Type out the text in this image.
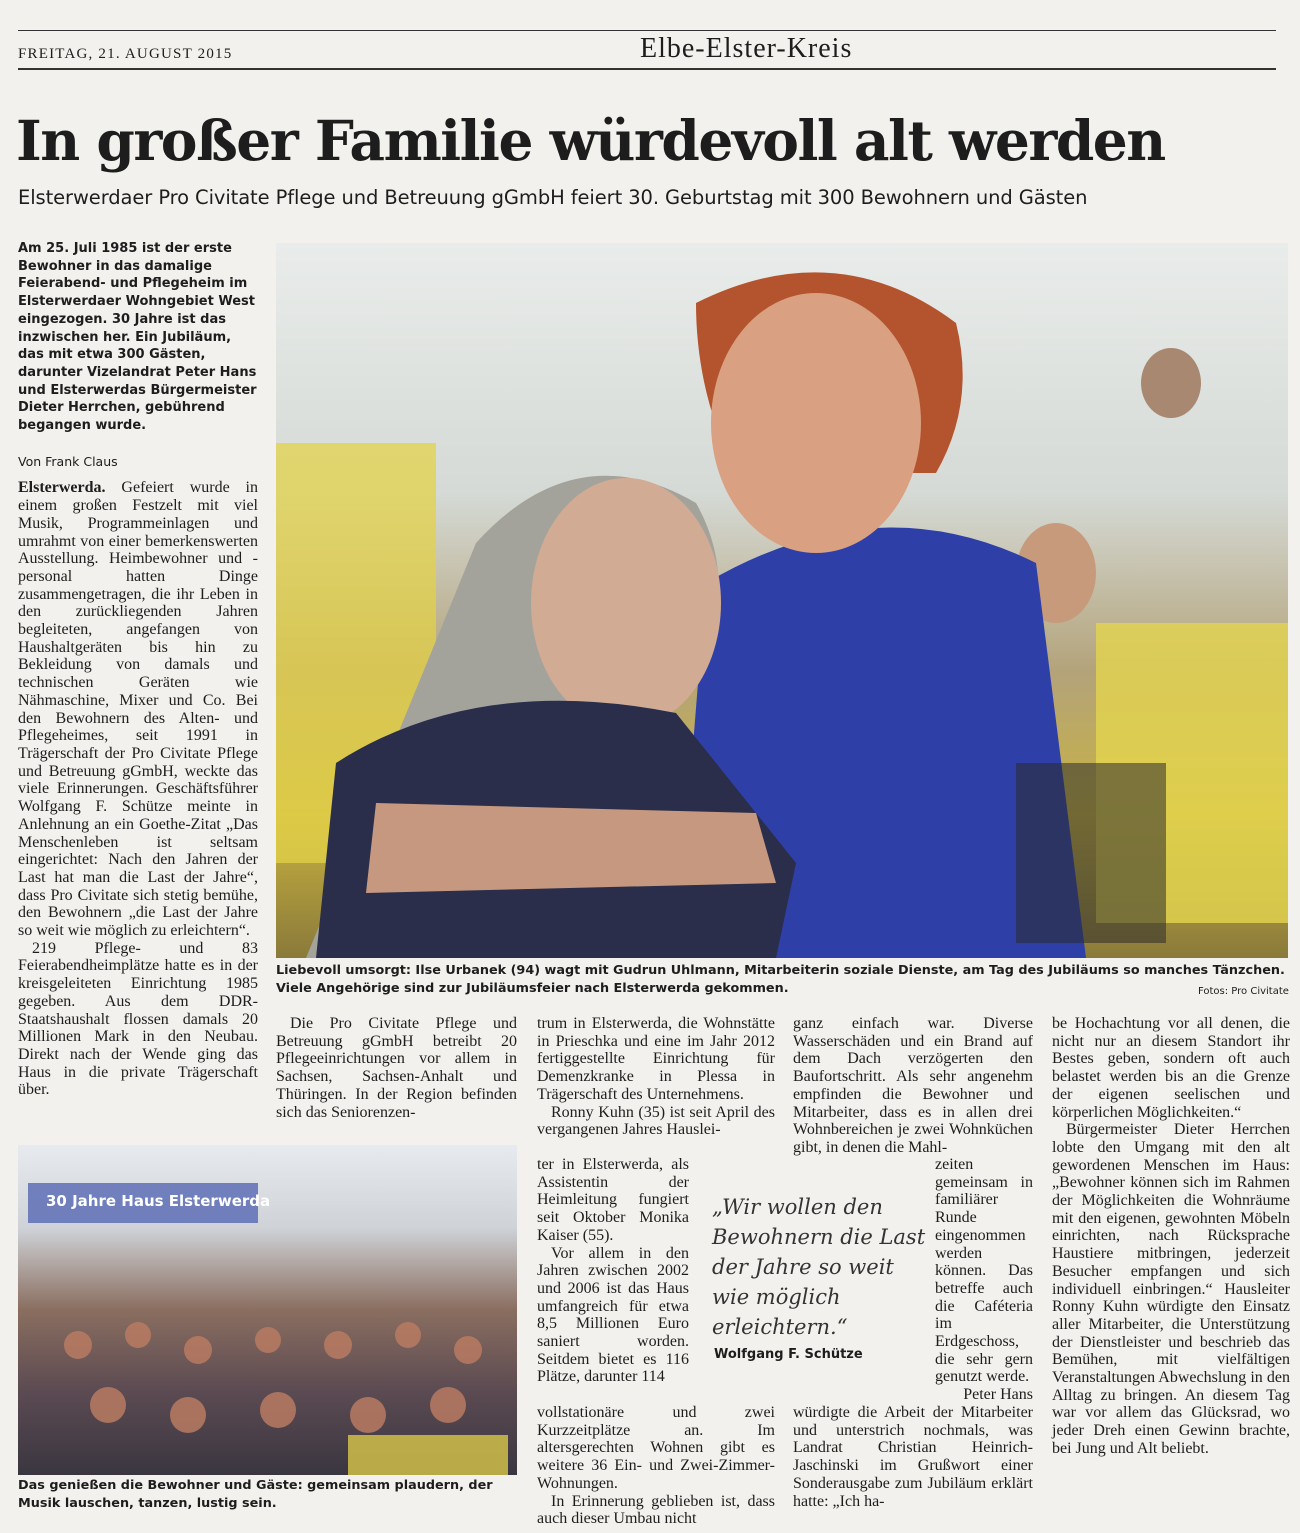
FREITAG, 21. AUGUST 2015	Elbe-Elster-Kreis
In großer Familie würdevoll alt werden
Elsterwerdaer Pro Civitate Pflege und Betreuung gGmbH feiert 30. Geburtstag mit 300 Bewohnern und Gästen

Am 25. Juli 1985 ist der erste Bewohner in das damalige Feierabend- und Pflegeheim im Elsterwerdaer Wohngebiet West eingezogen. 30 Jahre ist das inzwischen her. Ein Jubiläum, das mit etwa 300 Gästen, darunter Vizelandrat Peter Hans und Elsterwerdas Bürgermeister Dieter Herrchen, gebührend begangen wurde.

Von Frank Claus

Elsterwerda. Gefeiert wurde in einem großen Festzelt mit viel Musik, Programmeinlagen und umrahmt von einer bemerkenswerten Ausstellung. Heimbewohner und -personal hatten Dinge zusammengetragen, die ihr Leben in den zurückliegenden Jahren begleiteten, angefangen von Haushaltgeräten bis hin zu Bekleidung von damals und technischen Geräten wie Nähmaschine, Mixer und Co. Bei den Bewohnern des Alten- und Pflegeheimes, seit 1991 in Trägerschaft der Pro Civitate Pflege und Betreuung gGmbH, weckte das viele Erinnerungen. Geschäftsführer Wolfgang F. Schütze meinte in Anlehnung an ein Goethe-Zitat „Das Menschenleben ist seltsam eingerichtet: Nach den Jahren der Last hat man die Last der Jahre“, dass Pro Civitate sich stetig bemühe, den Bewohnern „die Last der Jahre so weit wie möglich zu erleichtern“.

219 Pflege- und 83 Feierabendheimplätze hatte es in der kreisgeleiteten Einrichtung 1985 gegeben. Aus dem DDR-Staatshaushalt flossen damals 20 Millionen Mark in den Neubau. Direkt nach der Wende ging das Haus in die private Trägerschaft über.

Liebevoll umsorgt: Ilse Urbanek (94) wagt mit Gudrun Uhlmann, Mitarbeiterin soziale Dienste, am Tag des Jubiläums so manches Tänzchen. Viele Angehörige sind zur Jubiläumsfeier nach Elsterwerda gekommen.	Fotos: Pro Civitate

Die Pro Civitate Pflege und Betreuung gGmbH betreibt 20 Pflegeeinrichtungen vor allem in Sachsen, Sachsen-Anhalt und Thüringen. In der Region befinden sich das Seniorenzen-

30 Jahre Haus Elsterwerda
Das genießen die Bewohner und Gäste: gemeinsam plaudern, der Musik lauschen, tanzen, lustig sein.

trum in Elsterwerda, die Wohnstätte in Prieschka und eine im Jahr 2012 fertiggestellte Einrichtung für Demenzkranke in Plessa in Trägerschaft des Unternehmens.

Ronny Kuhn (35) ist seit April des vergangenen Jahres Hauslei-

ter in Elsterwerda, als Assistentin der Heimleitung fungiert seit Oktober Monika Kaiser (55).

Vor allem in den Jahren zwischen 2002 und 2006 ist das Haus umfangreich für etwa 8,5 Millionen Euro saniert worden. Seitdem bietet es 116 Plätze, darunter 114

vollstationäre und zwei Kurzzeitplätze an. Im altersgerechten Wohnen gibt es weitere 36 Ein- und Zwei-Zimmer-Wohnungen.

In Erinnerung geblieben ist, dass auch dieser Umbau nicht

„Wir wollen den Bewohnern die Last der Jahre so weit wie möglich erleichtern.“
Wolfgang F. Schütze

ganz einfach war. Diverse Wasserschäden und ein Brand auf dem Dach verzögerten den Baufortschritt. Als sehr angenehm empfinden die Bewohner und Mitarbeiter, dass es in allen drei Wohnbereichen je zwei Wohnküchen gibt, in denen die Mahl-

zeiten gemeinsam in familiärer Runde eingenommen werden können. Das betreffe auch die Caféteria im Erdgeschoss, die sehr gern genutzt werde.

Peter Hans

würdigte die Arbeit der Mitarbeiter und unterstrich nochmals, was Landrat Christian Heinrich-Jaschinski im Grußwort einer Sonderausgabe zum Jubiläum erklärt hatte: „Ich ha-

be Hochachtung vor all denen, die nicht nur an diesem Standort ihr Bestes geben, sondern oft auch belastet werden bis an die Grenze der eigenen seelischen und körperlichen Möglichkeiten.“

Bürgermeister Dieter Herrchen lobte den Umgang mit den alt gewordenen Menschen im Haus: „Bewohner können sich im Rahmen der Möglichkeiten die Wohnräume mit den eigenen, gewohnten Möbeln einrichten, nach Rücksprache Haustiere mitbringen, jederzeit Besucher empfangen und sich individuell einbringen.“ Hausleiter Ronny Kuhn würdigte den Einsatz aller Mitarbeiter, die Unterstützung der Dienstleister und beschrieb das Bemühen, mit vielfältigen Veranstaltungen Abwechslung in den Alltag zu bringen. An diesem Tag war vor allem das Glücksrad, wo jeder Dreh einen Gewinn brachte, bei Jung und Alt beliebt.
